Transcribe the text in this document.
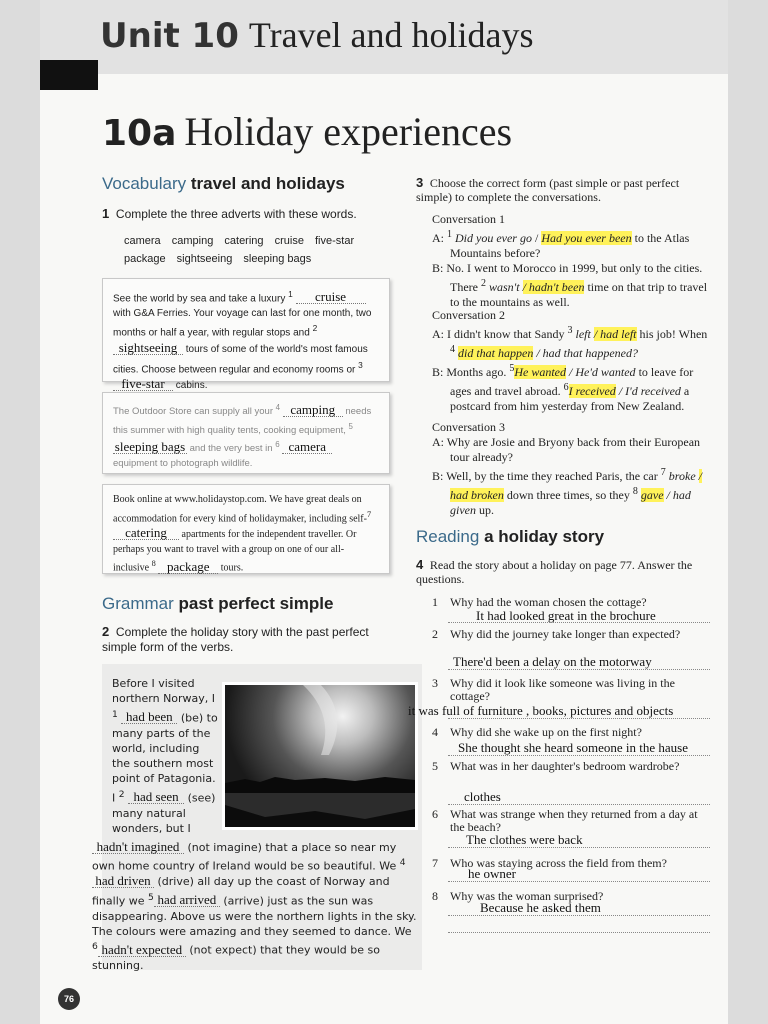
Unit 10 Travel and holidays
10a Holiday experiences
Vocabulary travel and holidays
1 Complete the three adverts with these words.
camera camping catering cruise five-star
package sightseeing sleeping bags

See the world by sea and take a luxury $^1$ cruise with G&A Ferries. Your voyage can last for one month, two months or half a year, with regular stops and $^2$ sightseeing tours of some of the world's most famous cities. Choose between regular and economy rooms or $^3$ five-star cabins.

The Outdoor Store can supply all your $^4$ camping needs this summer with high quality tents, cooking equipment, $^5$ sleeping bags and the very best in $^6$ camera equipment to photograph wildlife.

Book online at www.holidaystop.com. We have great deals on accommodation for every kind of holidaymaker, including self-$^7$ catering apartments for the independent traveller. Or perhaps you want to travel with a group on one of our all-inclusive $^8$ package tours.

Grammar past perfect simple
2 Complete the holiday story with the past perfect simple form of the verbs.
Before I visited northern Norway, I $^1$ had been (be) to many parts of the world, including the southern most point of Patagonia. I $^2$ had seen (see) many natural wonders, but I
hadn't imagined (not imagine) that a place so near my own home country of Ireland would be so beautiful. We $^4$had driven (drive) all day up the coast of Norway and finally we $^5$ had arrived (arrive) just as the sun was disappearing. Above us were the northern lights in the sky. The colours were amazing and they seemed to dance. We $^6$ hadn't expected (not expect) that they would be so stunning.
3 Choose the correct form (past simple or past perfect simple) to complete the conversations.
Conversation 1
A: $^1$ Did you ever go / Had you ever been to the Atlas Mountains before?
B: No. I went to Morocco in 1999, but only to the cities. There $^2$ wasn't / hadn't been time on that trip to travel to the mountains as well.
Conversation 2
A: I didn't know that Sandy $^3$ left / had left his job! When $^4$ did that happen / had that happened?
B: Months ago. $^5$He wanted / He'd wanted to leave for ages and travel abroad. $^6$I received / I'd received a postcard from him yesterday from New Zealand.
Conversation 3
A: Why are Josie and Bryony back from their European tour already?
B: Well, by the time they reached Paris, the car $^7$ broke / had broken down three times, so they $^8$ gave / had given up.
Reading a holiday story
4 Read the story about a holiday on page 77. Answer the questions.
1 Why had the woman chosen the cottage?
It had looked great in the brochure
2 Why did the journey take longer than expected?
There'd been a delay on the motorway
3 Why did it look like someone was living in the cottage?
it was full of furniture , books, pictures and objects
4 Why did she wake up on the first night?
She thought she heard someone in the hause
5 What was in her daughter's bedroom wardrobe?
clothes
6 What was strange when they returned from a day at the beach?
The clothes were back
7 Who was staying across the field from them?
he owner
8 Why was the woman surprised?
Because he asked them
76
